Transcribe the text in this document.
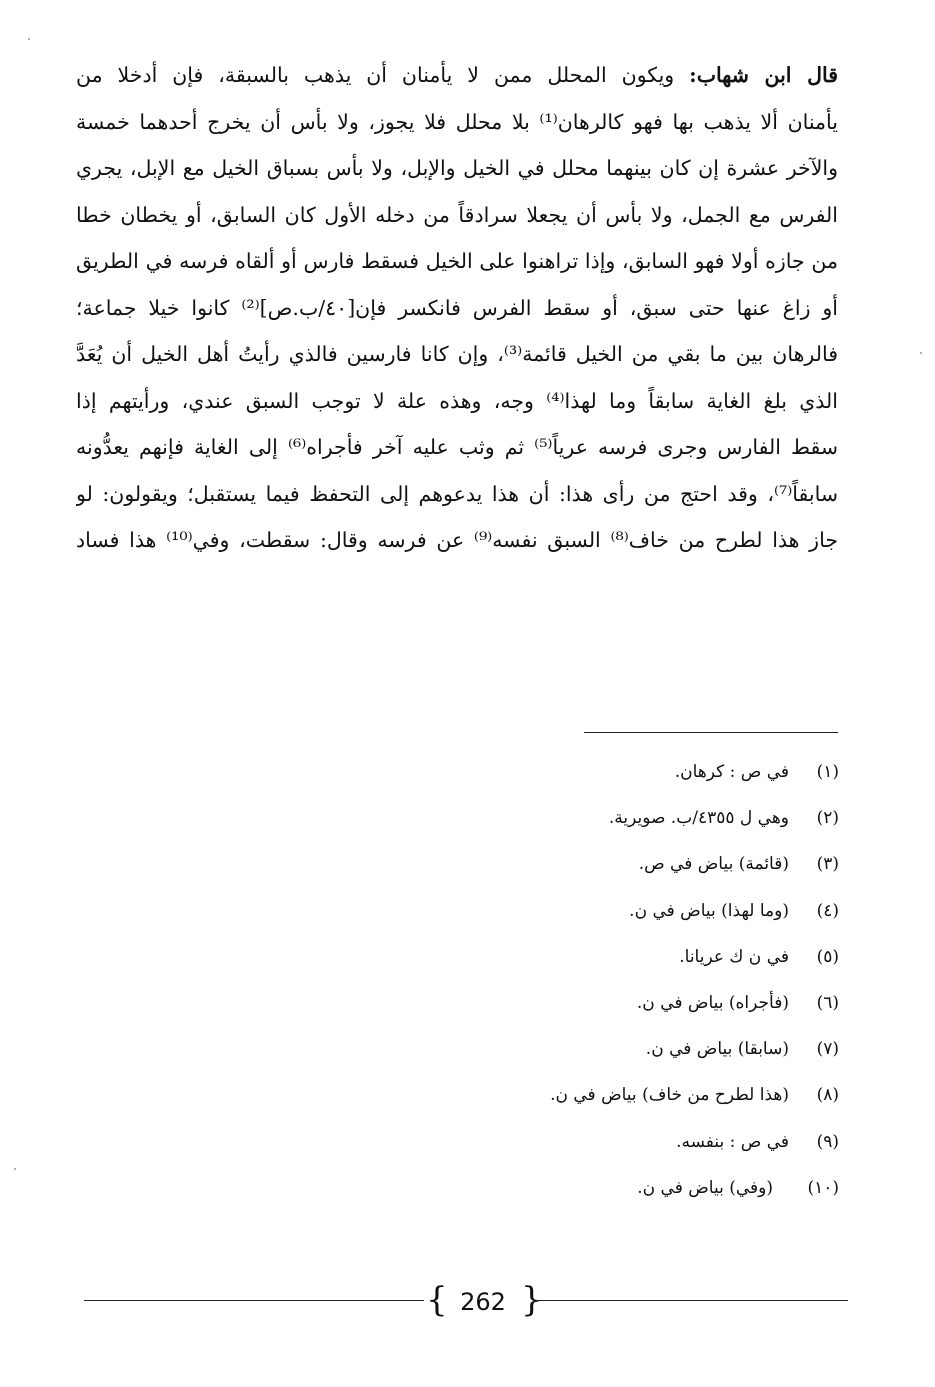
قال ابن شهاب: ويكون المحلل ممن لا يأمنان أن يذهب بالسبقة، فإن أدخلا من
يأمنان ألا يذهب بها فهو كالرهان⁽¹⁾ بلا محلل فلا يجوز، ولا بأس أن يخرج أحدهما خمسة
والآخر عشرة إن كان بينهما محلل في الخيل والإبل، ولا بأس بسباق الخيل مع الإبل، يجري
الفرس مع الجمل، ولا بأس أن يجعلا سرادقاً من دخله الأول كان السابق، أو يخطان خطا
من جازه أولا فهو السابق، وإذا تراهنوا على الخيل فسقط فارس أو ألقاه فرسه في الطريق
أو زاغ عنها حتى سبق، أو سقط الفرس فانكسر فإن[٤٠/ب.ص]⁽²⁾ كانوا خيلا جماعة؛
فالرهان بين ما بقي من الخيل قائمة⁽³⁾، وإن كانا فارسين فالذي رأيتُ أهل الخيل أن يُعَدَّ
الذي بلغ الغاية سابقاً وما لهذا⁽⁴⁾ وجه، وهذه علة لا توجب السبق عندي، ورأيتهم إذا
سقط الفارس وجرى فرسه عرياً⁽⁵⁾ ثم وثب عليه آخر فأجراه⁽⁶⁾ إلى الغاية فإنهم يعدُّونه
سابقاً⁽⁷⁾، وقد احتج من رأى هذا: أن هذا يدعوهم إلى التحفظ فيما يستقبل؛ ويقولون: لو
جاز هذا لطرح من خاف⁽⁸⁾ السبق نفسه⁽⁹⁾ عن فرسه وقال: سقطت، وفي⁽¹⁰⁾ هذا فساد
(١)في ص : كرهان.
(٢)وهي ل ٤٣٥٥/ب. صويرية.
(٣)(قائمة) بياض في ص.
(٤)(وما لهذا) بياض في ن.
(٥)في ن ك عريانا.
(٦)(فأجراه) بياض في ن.
(٧)(سابقا) بياض في ن.
(٨)(هذا لطرح من خاف) بياض في ن.
(٩)في ص : بنفسه.
(١٠)(وفي) بياض في ن.
{ 262 }
